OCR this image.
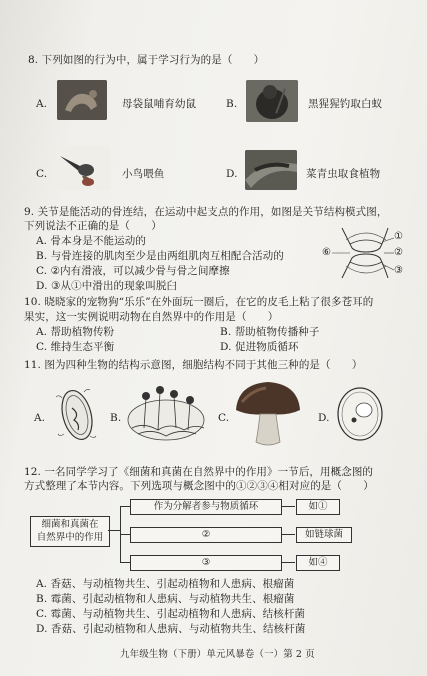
8. 下列如图的行为中，属于学习行为的是（　　）
A.	母袋鼠哺育幼鼠	B.	黑猩猩钓取白蚁
C.	小鸟喂鱼	D.	菜青虫取食植物
9. 关节是能活动的骨连结，在运动中起支点的作用，如图是关节结构模式图，
下列说法不正确的是（　　）
A. 骨本身是不能运动的
B. 与骨连接的肌肉至少是由两组肌肉互相配合活动的
C. ②内有滑液，可以减少骨与骨之间摩擦
D. ③从①中滑出的现象叫脱臼
⑥
①
②
③
10. 晓晓家的宠物狗“乐乐”在外面玩一圈后，在它的皮毛上粘了很多苍耳的
果实，这一实例说明动物在自然界中的作用是（　　）
A. 帮助植物传粉	B. 帮助植物传播种子
C. 维持生态平衡	D. 促进物质循环
11. 图为四种生物的结构示意图，细胞结构不同于其他三种的是（　　）
A.	B.	C.	D.
12. 一名同学学习了《细菌和真菌在自然界中的作用》一节后，用概念图的
方式整理了本节内容。下列选项与概念图中的①②③④相对应的是（　　）
细菌和真菌在
自然界中的作用
作为分解者参与物质循环
②
③
如①
如链球菌
如④
A. 香菇、与动植物共生、引起动植物和人患病、根瘤菌
B. 霉菌、引起动植物和人患病、与动植物共生、根瘤菌
C. 霉菌、与动植物共生、引起动植物和人患病、结核杆菌
D. 香菇、引起动植物和人患病、与动植物共生、结核杆菌
九年级生物（下册）单元风暴卷（一）第 2 页
